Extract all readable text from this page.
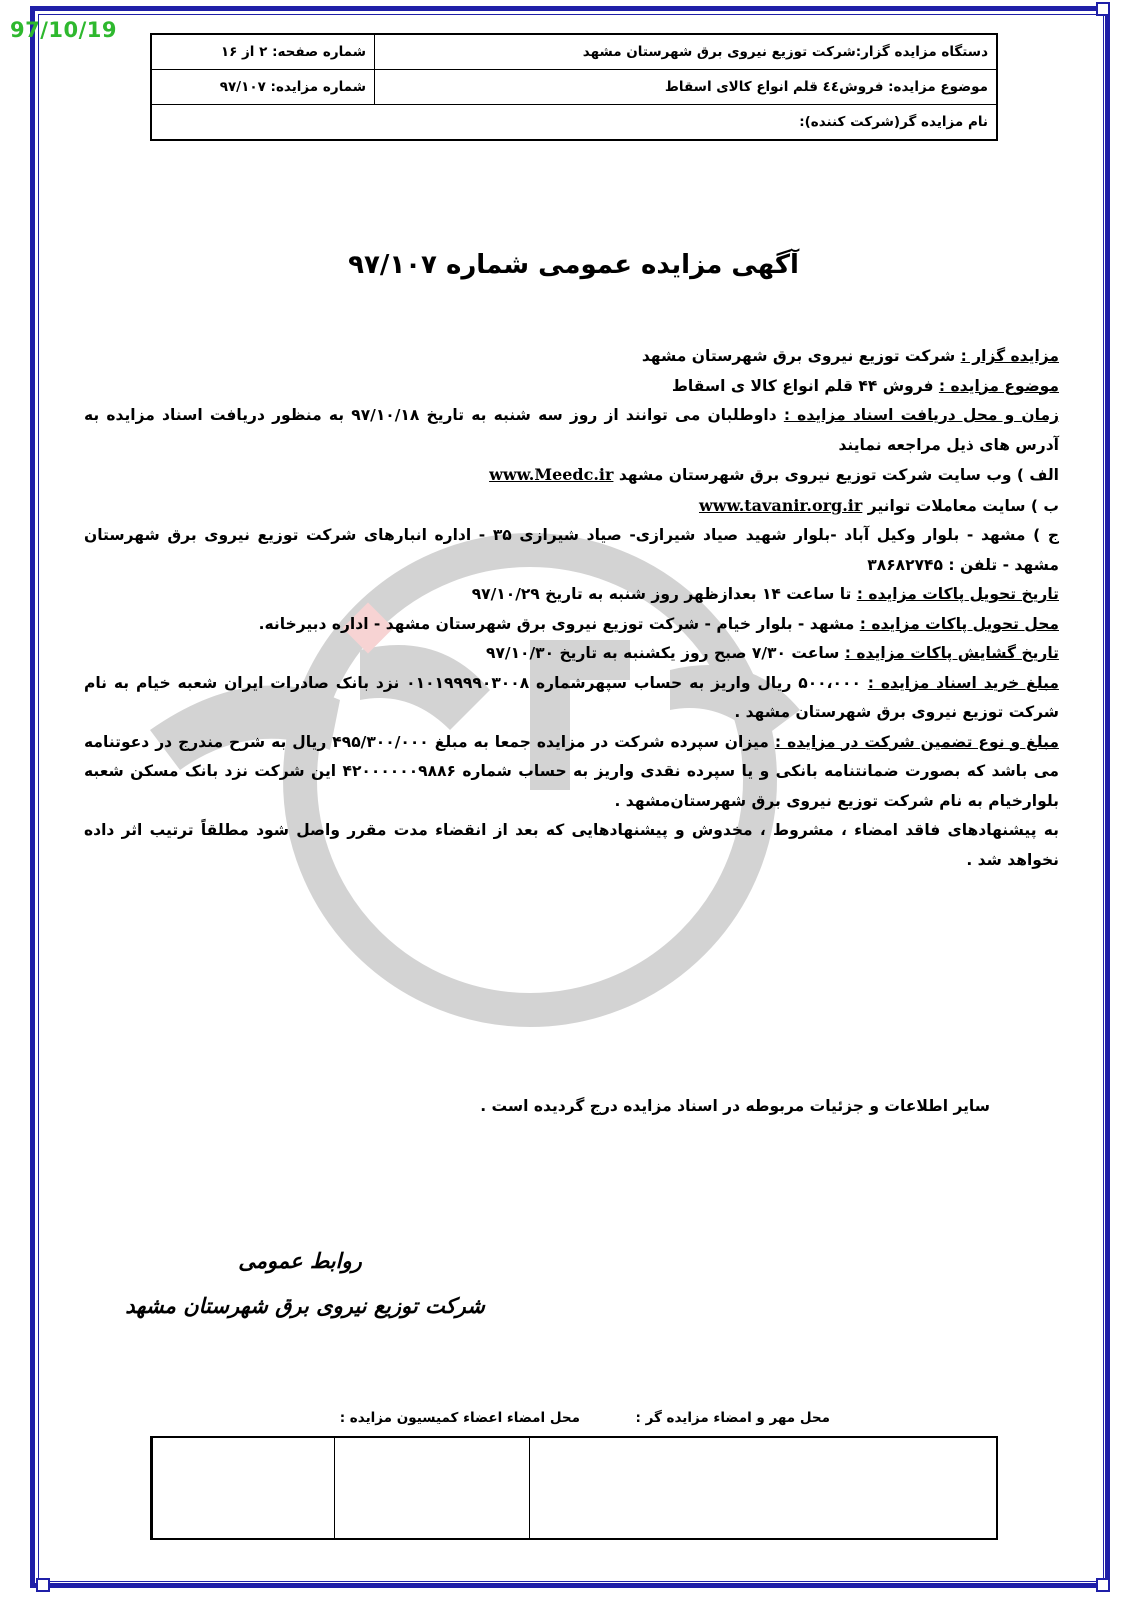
97/10/19
دستگاه مزایده گزار:شرکت توزیع نیروی برق شهرستان مشهد
شماره صفحه: ۲ از ۱۶
موضوع مزایده: فروش٤٤ قلم انواع کالای اسقاط
شماره مزایده: ۹۷/۱۰۷
نام مزایده گر(شرکت کننده):
آگهی مزایده عمومی شماره ۹۷/۱۰۷

مزایده گزار : شرکت توزیع نیروی برق شهرستان مشهد

موضوع مزایده : فروش ۴۴ قلم انواع کالا ی اسقاط

زمان و محل دریافت اسناد مزایده : داوطلبان می توانند از روز سه شنبه به تاریخ ۹۷/۱۰/۱۸ به منظور دریافت اسناد مزایده به آدرس های ذیل مراجعه نمایند

الف ) وب سایت شرکت توزیع نیروی برق شهرستان مشهد www.Meedc.ir

ب ) سایت معاملات توانیر www.tavanir.org.ir

ج ) مشهد - بلوار وکیل آباد -بلوار شهید صیاد شیرازی- صیاد شیرازی ۳۵ - اداره انبارهای شرکت توزیع نیروی برق شهرستان مشهد - تلفن : ۳۸۶۸۲۷۴۵

تاریخ تحویل پاکات مزایده : تا ساعت ۱۴ بعدازظهر روز شنبه به تاریخ ۹۷/۱۰/۲۹

محل تحویل پاکات مزایده : مشهد - بلوار خیام - شرکت توزیع نیروی برق شهرستان مشهد - اداره دبیرخانه.

تاریخ گشایش پاکات مزایده : ساعت ۷/۳۰ صبح روز یکشنبه به تاریخ ۹۷/۱۰/۳۰

مبلغ خرید اسناد مزایده : ۵۰۰،۰۰۰ ریال واریز به حساب سپهرشماره ۰۱۰۱۹۹۹۹۰۳۰۰۸ نزد بانک صادرات ایران شعبه خیام به نام شرکت توزیع نیروی برق شهرستان مشهد .

مبلغ و نوع تضمین شرکت در مزایده : میزان سپرده شرکت در مزایده جمعا به مبلغ ۴۹۵/۳۰۰/۰۰۰ ریال به شرح مندرج در دعوتنامه می باشد که بصورت ضمانتنامه بانکی و یا سپرده نقدی واریز به حساب شماره ۴۲۰۰۰۰۰۰۹۸۸۶ این شرکت نزد بانک مسکن شعبه بلوارخیام به نام شرکت توزیع نیروی برق شهرستان‌مشهد .

به پیشنهادهای فاقد امضاء ، مشروط ، مخدوش و پیشنهادهایی که بعد از انقضاء مدت مقرر واصل شود مطلقاً ترتیب اثر داده نخواهد شد .

سایر اطلاعات و جزئیات مربوطه در اسناد مزایده درج گردیده است .
روابط عمومی
شرکت توزیع نیروی برق شهرستان مشهد
محل مهر و امضاء مزایده گر :
محل امضاء اعضاء کمیسیون مزایده :
